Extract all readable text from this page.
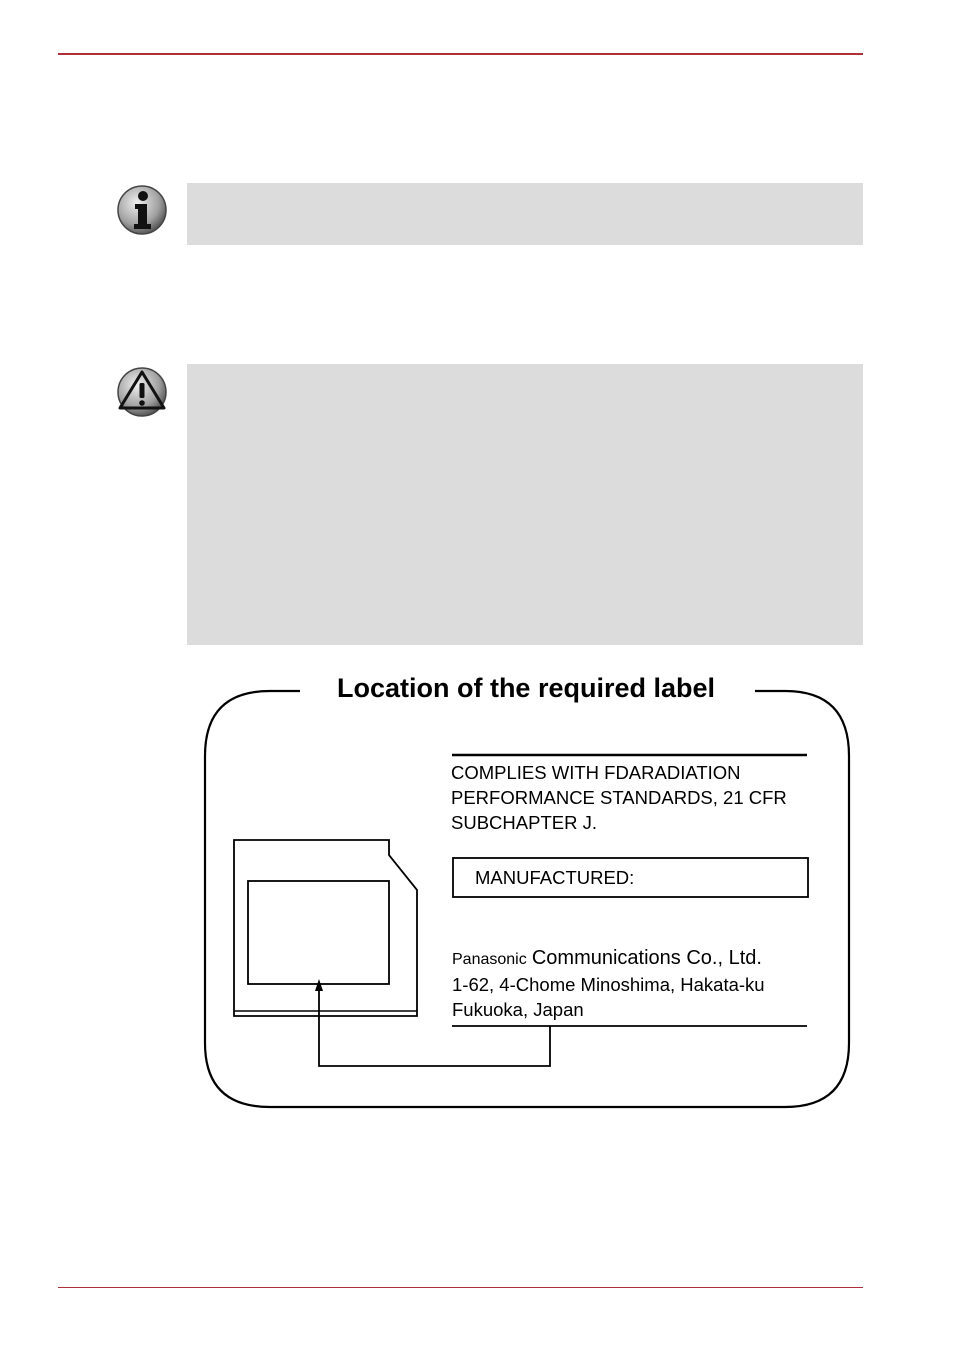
Location of the required label
COMPLIES WITH FDARADIATION
PERFORMANCE STANDARDS, 21 CFR
SUBCHAPTER J.
MANUFACTURED:
Panasonic Communications Co., Ltd.
1-62, 4-Chome Minoshima, Hakata-ku
Fukuoka, Japan
